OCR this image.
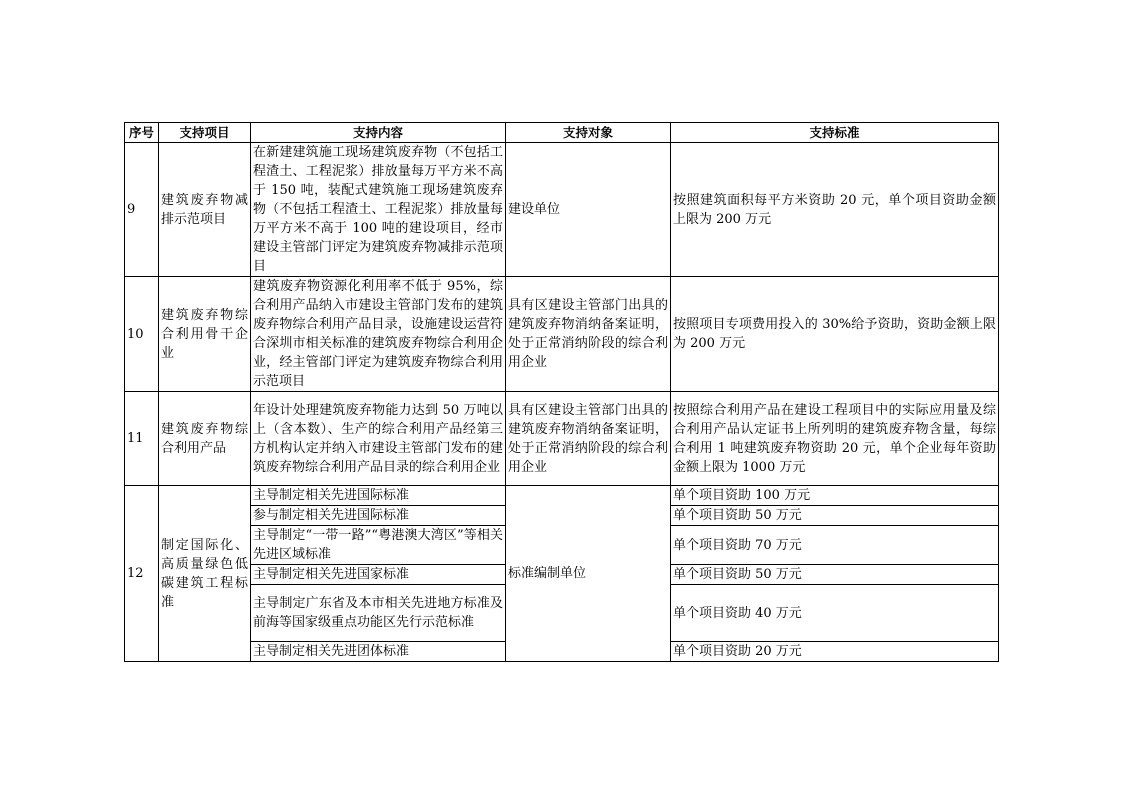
序号	支持项目	支持内容	支持对象	支持标准
9	建筑废弃物减排示范项目	在新建建筑施工现场建筑废弃物（不包括工程渣土、工程泥浆）排放量每万平方米不高于 150 吨，装配式建筑施工现场建筑废弃物（不包括工程渣土、工程泥浆）排放量每万平方米不高于 100 吨的建设项目，经市建设主管部门评定为建筑废弃物减排示范项目	建设单位	按照建筑面积每平方米资助 20 元，单个项目资助金额上限为 200 万元
10	建筑废弃物综合利用骨干企业	建筑废弃物资源化利用率不低于 95%，综合利用产品纳入市建设主管部门发布的建筑废弃物综合利用产品目录，设施建设运营符合深圳市相关标准的建筑废弃物综合利用企业，经主管部门评定为建筑废弃物综合利用示范项目	具有区建设主管部门出具的建筑废弃物消纳备案证明，处于正常消纳阶段的综合利用企业	按照项目专项费用投入的 30%给予资助，资助金额上限为 200 万元
11	建筑废弃物综合利用产品	年设计处理建筑废弃物能力达到 50 万吨以上（含本数）、生产的综合利用产品经第三方机构认定并纳入市建设主管部门发布的建筑废弃物综合利用产品目录的综合利用企业	具有区建设主管部门出具的建筑废弃物消纳备案证明，处于正常消纳阶段的综合利用企业	按照综合利用产品在建设工程项目中的实际应用量及综合利用产品认定证书上所列明的建筑废弃物含量，每综合利用 1 吨建筑废弃物资助 20 元，单个企业每年资助金额上限为 1000 万元
12	制定国际化、高质量绿色低碳建筑工程标准	主导制定相关先进国际标准	标准编制单位	单个项目资助 100 万元
		参与制定相关先进国际标准		单个项目资助 50 万元
		主导制定“一带一路”“粤港澳大湾区”等相关先进区域标准		单个项目资助 70 万元
		主导制定相关先进国家标准		单个项目资助 50 万元
		主导制定广东省及本市相关先进地方标准及前海等国家级重点功能区先行示范标准		单个项目资助 40 万元
		主导制定相关先进团体标准		单个项目资助 20 万元
